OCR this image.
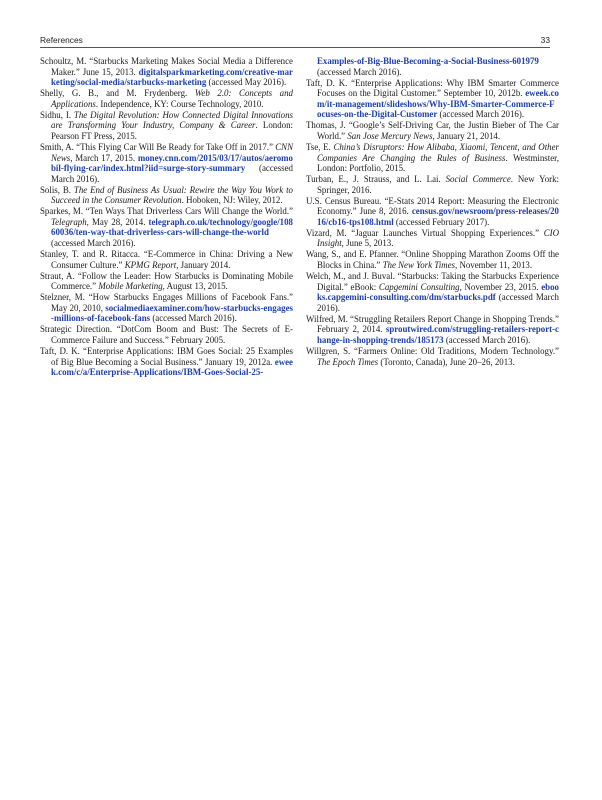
References	33
Schoultz, M. “Starbucks Marketing Makes Social Media a Difference Maker.” June 15, 2013. digitalsparkmarketing.com/creative-marketing/social-media/starbucks-marketing (accessed May 2016).
Shelly, G. B., and M. Frydenberg. Web 2.0: Concepts and Applications. Independence, KY: Course Technology, 2010.
Sidhu, I. The Digital Revolution: How Connected Digital Innovations are Transforming Your Industry, Company & Career. London: Pearson FT Press, 2015.
Smith, A. “This Flying Car Will Be Ready for Take Off in 2017.” CNN News, March 17, 2015. money.cnn.com/2015/03/17/autos/aeromobil-flying-car/index.html?iid=surge-story-summary (accessed March 2016).
Solis, B. The End of Business As Usual: Rewire the Way You Work to Succeed in the Consumer Revolution. Hoboken, NJ: Wiley, 2012.
Sparkes, M. “Ten Ways That Driverless Cars Will Change the World.” Telegraph, May 28, 2014. telegraph.co.uk/technology/google/10860036/ten-way-that-driverless-cars-will-change-the-world (accessed March 2016).
Stanley, T. and R. Ritacca. “E-Commerce in China: Driving a New Consumer Culture.” KPMG Report, January 2014.
Straut, A. “Follow the Leader: How Starbucks is Dominating Mobile Commerce.” Mobile Marketing, August 13, 2015.
Stelzner, M. “How Starbucks Engages Millions of Facebook Fans.” May 20, 2010, socialmediaexaminer.com/how-starbucks-engages-millions-of-facebook-fans (accessed March 2016).
Strategic Direction. “DotCom Boom and Bust: The Secrets of E-Commerce Failure and Success.” February 2005.
Taft, D. K. “Enterprise Applications: IBM Goes Social: 25 Examples of Big Blue Becoming a Social Business.” January 19, 2012a. eweek.com/c/a/Enterprise-Applications/IBM-Goes-Social-25-
Examples-of-Big-Blue-Becoming-a-Social-Business-601979 (accessed March 2016).
Taft, D. K. “Enterprise Applications: Why IBM Smarter Commerce Focuses on the Digital Customer.” September 10, 2012b. eweek.com/it-management/slideshows/Why-IBM-Smarter-Commerce-Focuses-on-the-Digital-Customer (accessed March 2016).
Thomas, J. “Google’s Self-Driving Car, the Justin Bieber of The Car World.” San Jose Mercury News, January 21, 2014.
Tse, E. China’s Disruptors: How Alibaba, Xiaomi, Tencent, and Other Companies Are Changing the Rules of Business. Westminster, London: Portfolio, 2015.
Turban, E., J. Strauss, and L. Lai. Social Commerce. New York: Springer, 2016.
U.S. Census Bureau. “E-Stats 2014 Report: Measuring the Electronic Economy.” June 8, 2016. census.gov/newsroom/press-releases/2016/cb16-tps108.html (accessed February 2017).
Vizard, M. “Jaguar Launches Virtual Shopping Experiences.” CIO Insight, June 5, 2013.
Wang, S., and E. Pfanner. “Online Shopping Marathon Zooms Off the Blocks in China.” The New York Times, November 11, 2013.
Welch, M., and J. Buval. “Starbucks: Taking the Starbucks Experience Digital.” eBook: Capgemini Consulting, November 23, 2015. ebooks.capgemini-consulting.com/dm/starbucks.pdf (accessed March 2016).
Wilfred, M. “Struggling Retailers Report Change in Shopping Trends.” February 2, 2014. sproutwired.com/struggling-retailers-report-change-in-shopping-trends/185173 (accessed March 2016).
Willgren, S. “Farmers Online: Old Traditions, Modern Technology.” The Epoch Times (Toronto, Canada), June 20–26, 2013.
